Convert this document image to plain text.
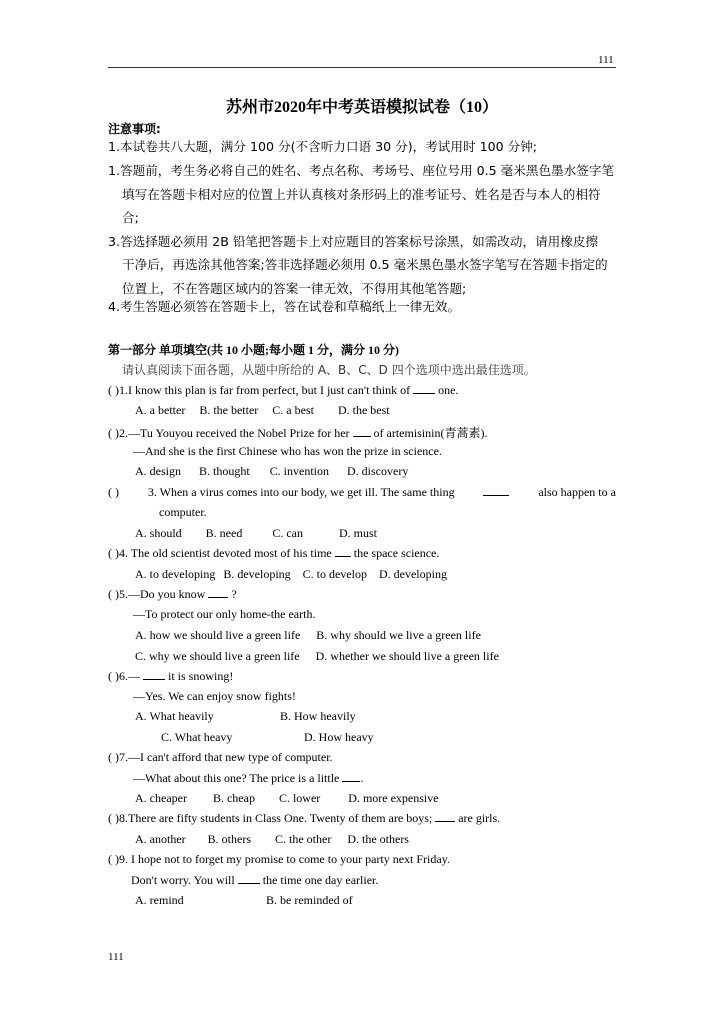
111
苏州市2020年中考英语模拟试卷（10）
注意事项:
1.本试卷共八大题，满分 100 分(不含听力口语 30 分)，考试用时 100 分钟;
1.答题前，考生务必将自己的姓名、考点名称、考场号、座位号用 0.5 毫米黑色墨水签字笔
填写在答题卡相对应的位置上并认真核对条形码上的准考证号、姓名是否与本人的相符
合;
3.答选择题必须用 2B 铅笔把答题卡上对应题目的答案标号涂黑，如需改动，请用橡皮擦
干净后，再选涂其他答案;答非选择题必须用 0.5 毫米黑色墨水签字笔写在答题卡指定的
位置上，不在答题区域内的答案一律无效，不得用其他笔答题;
4.考生答题必须答在答题卡上，答在试卷和草稿纸上一律无效。
第一部分 单项填空(共 10 小题;每小题 1 分，满分 10 分)
请认真阅读下面各题，从题中所给的 A、B、C、D 四个选项中选出最佳选项。
( )1.I know this plan is far from perfect, but I just can't think of one.
A. a better B. the better C. a best D. the best
( )2.—Tu Youyou received the Nobel Prize for her of artemisinin(青蒿素).
—And she is the first Chinese who has won the prize in science.
A. design B. thought C. invention D. discovery
( ) 3. When a virus comes into our body, we get ill. The same thing	also happen to a
computer.
A. should B. need	C. can	D. must
( )4. The old scientist devoted most of his time the space science.
A. to developing B. developing C. to develop D. developing
( )5.—Do you know ?
—To protect our only home-the earth.
A. how we should live a green life B. why should we live a green life
C. why we should live a green life D. whether we should live a green life
( )6.— it is snowing!
—Yes. We can enjoy snow fights!
A. What heavily	B. How heavily
C. What heavy	D. How heavy
( )7.—I can't afford that new type of computer.
—What about this one? The price is a little .
A. cheaper B. cheap C. lower D. more expensive
( )8.There are fifty students in Class One. Twenty of them are boys; are girls.
A. another B. others C. the other D. the others
( )9. I hope not to forget my promise to come to your party next Friday.
Don't worry. You will the time one day earlier.
A. remind	B. be reminded of
111
